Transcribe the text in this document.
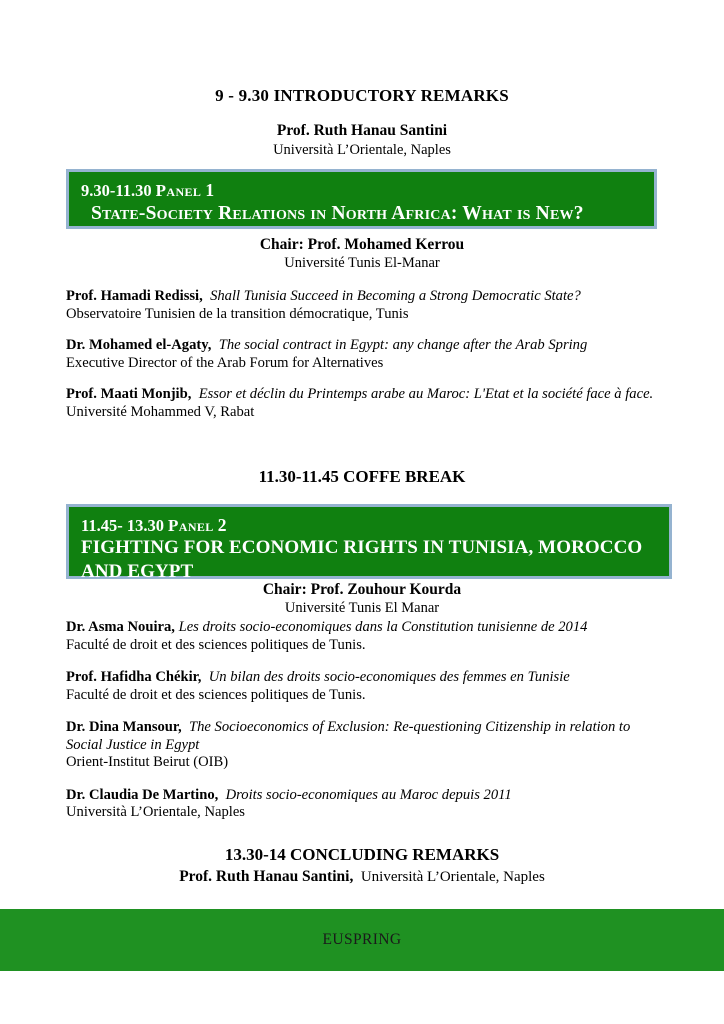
9 - 9.30 INTRODUCTORY REMARKS

Prof. Ruth Hanau Santini

Università L’Orientale, Naples

9.30-11.30 Panel 1
State-Society Relations in North Africa: What is New?

Chair: Prof. Mohamed Kerrou

Université Tunis El-Manar

Prof. Hamadi Redissi, Shall Tunisia Succeed in Becoming a Strong Democratic State?
Observatoire Tunisien de la transition démocratique, Tunis
Dr. Mohamed el-Agaty, The social contract in Egypt: any change after the Arab Spring
Executive Director of the Arab Forum for Alternatives
Prof. Maati Monjib, Essor et déclin du Printemps arabe au Maroc: L'Etat et la société face à face.
Université Mohammed V, Rabat

11.30-11.45 COFFE BREAK

11.45- 13.30 Panel 2
FIGHTING FOR ECONOMIC RIGHTS IN TUNISIA, MOROCCO AND EGYPT

Chair: Prof. Zouhour Kourda

Université Tunis El Manar

Dr. Asma Nouira, Les droits socio-economiques dans la Constitution tunisienne de 2014
Faculté de droit et des sciences politiques de Tunis.
Prof. Hafidha Chékir, Un bilan des droits socio-economiques des femmes en Tunisie
Faculté de droit et des sciences politiques de Tunis.
Dr. Dina Mansour, The Socioeconomics of Exclusion: Re-questioning Citizenship in relation to Social Justice in Egypt
Orient-Institut Beirut (OIB)
Dr. Claudia De Martino, Droits socio-economiques au Maroc depuis 2011
Università L’Orientale, Naples

13.30-14 CONCLUDING REMARKS

Prof. Ruth Hanau Santini, Università L’Orientale, Naples

EUSPRING
